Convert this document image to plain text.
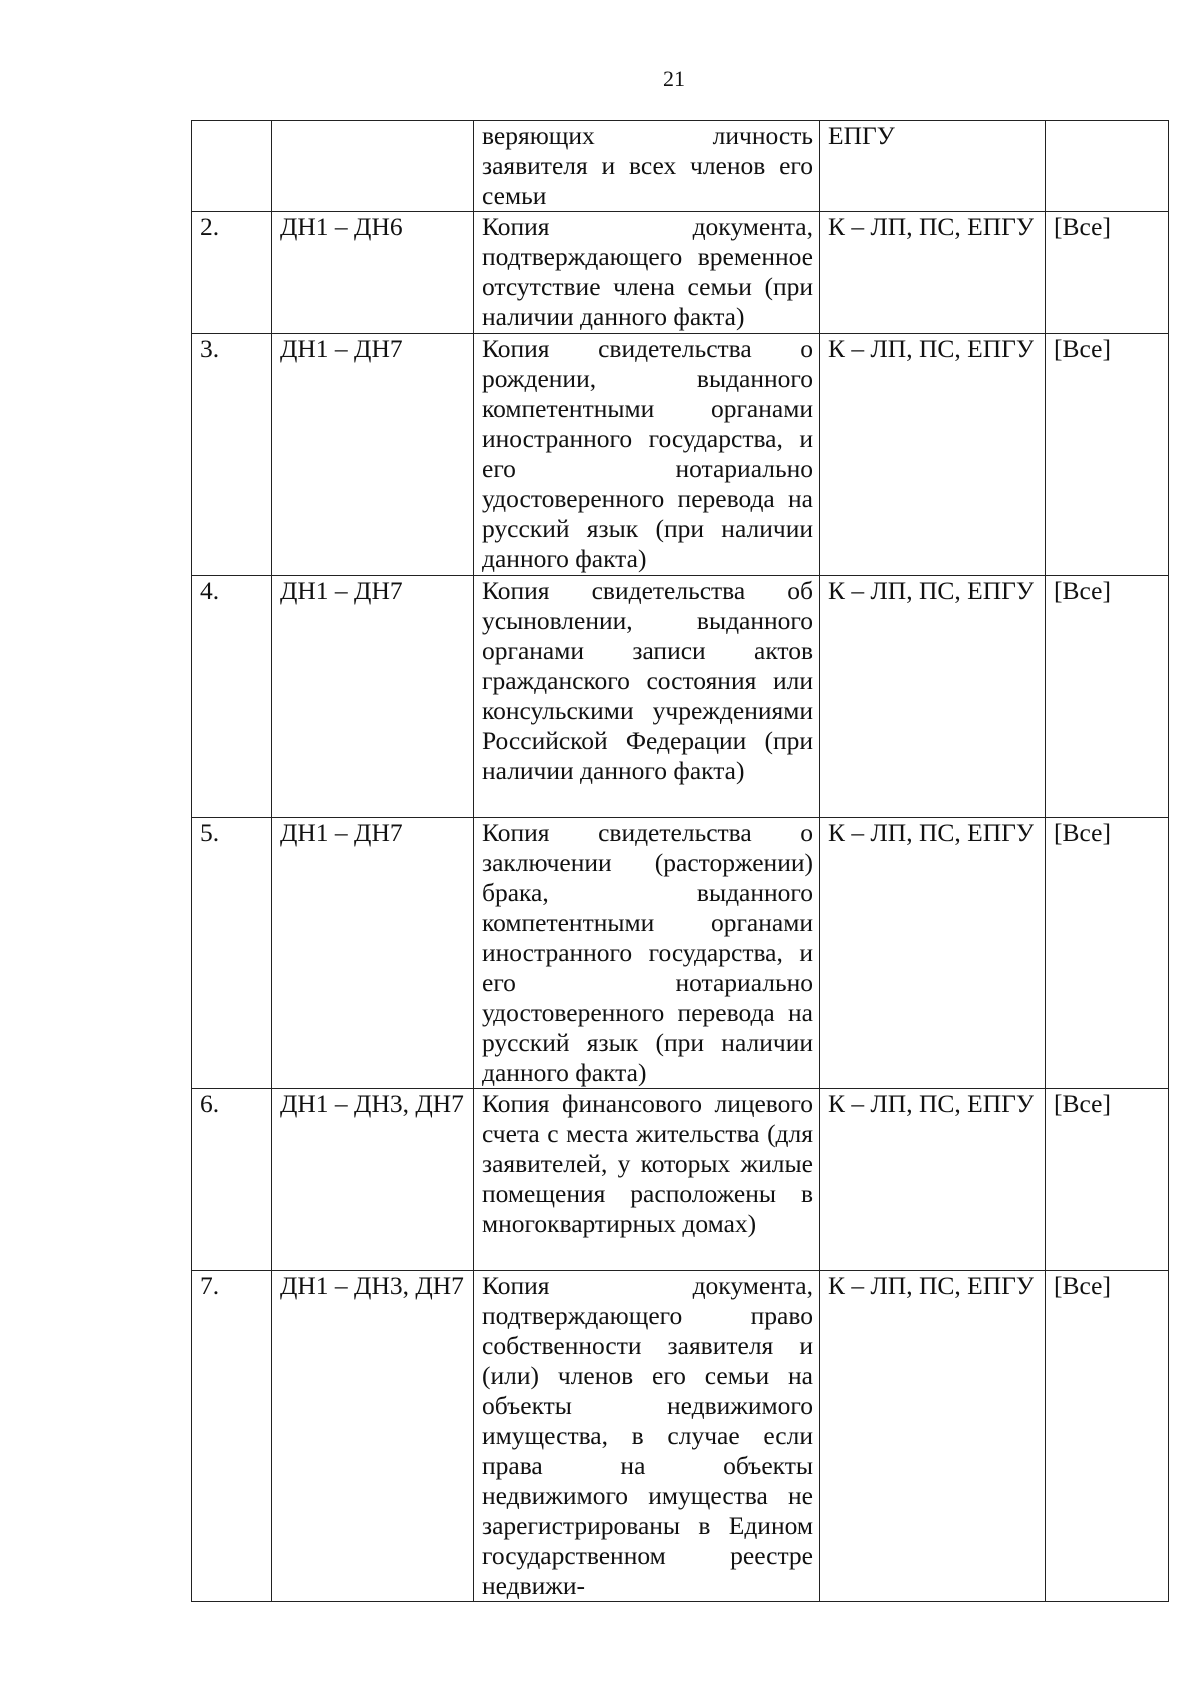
21
		веряющих личность заявителя и всех членов его семьи	ЕПГУ	
2.	ДН1 – ДН6	Копия документа, подтверждающего временное отсутствие члена семьи (при наличии данного факта)	К – ЛП, ПС, ЕПГУ	[Все]
3.	ДН1 – ДН7	Копия свидетельства о рождении, выданного компетентными органами иностранного государства, и его нотариально удостоверенного перевода на русский язык (при наличии данного факта)	К – ЛП, ПС, ЕПГУ	[Все]
4.	ДН1 – ДН7	Копия свидетельства об усыновлении, выданного органами записи актов гражданского состояния или консульскими учреждениями Российской Федерации (при наличии данного факта)	К – ЛП, ПС, ЕПГУ	[Все]
5.	ДН1 – ДН7	Копия свидетельства о заключении (расторжении) брака, выданного компетентными органами иностранного государства, и его нотариально удостоверенного перевода на русский язык (при наличии данного факта)	К – ЛП, ПС, ЕПГУ	[Все]
6.	ДН1 – ДН3, ДН7	Копия финансового лицевого счета с места жительства (для заявителей, у которых жилые помещения расположены в многоквартирных домах)	К – ЛП, ПС, ЕПГУ	[Все]
7.	ДН1 – ДН3, ДН7	Копия документа, подтверждающего право собственности заявителя и (или) членов его семьи на объекты недвижимого имущества, в случае если права на объекты недвижимого имущества не зарегистрированы в Едином государственном реестре недвижи-	К – ЛП, ПС, ЕПГУ	[Все]
